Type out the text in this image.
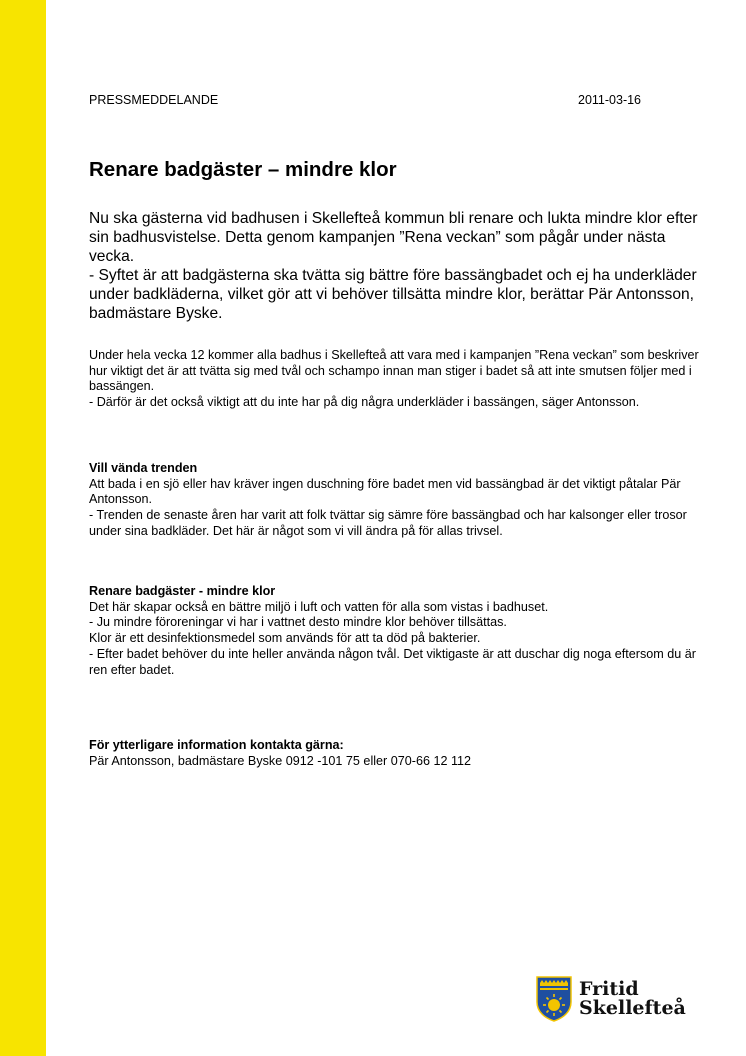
PRESSMEDDELANDE	2011-03-16
Renare badgäster – mindre klor

Nu ska gästerna vid badhusen i Skellefteå kommun bli renare och lukta mindre klor efter sin badhusvistelse. Detta genom kampanjen ”Rena veckan” som pågår under nästa vecka.

- Syftet är att badgästerna ska tvätta sig bättre före bassängbadet och ej ha underkläder under badkläderna, vilket gör att vi behöver tillsätta mindre klor, berättar Pär Antonsson, badmästare Byske.

Under hela vecka 12 kommer alla badhus i Skellefteå att vara med i kampanjen ”Rena veckan” som beskriver hur viktigt det är att tvätta sig med tvål och schampo innan man stiger i badet så att inte smutsen följer med i bassängen.

- Därför är det också viktigt att du inte har på dig några underkläder i bassängen, säger Antonsson.

Vill vända trenden

Att bada i en sjö eller hav kräver ingen duschning före badet men vid bassängbad är det viktigt påtalar Pär Antonsson.

- Trenden de senaste åren har varit att folk tvättar sig sämre före bassängbad och har kalsonger eller trosor under sina badkläder. Det här är något som vi vill ändra på för allas trivsel.

Renare badgäster - mindre klor

Det här skapar också en bättre miljö i luft och vatten för alla som vistas i badhuset.

- Ju mindre föroreningar vi har i vattnet desto mindre klor behöver tillsättas.

Klor är ett desinfektionsmedel som används för att ta död på bakterier.

- Efter badet behöver du inte heller använda någon tvål. Det viktigaste är att duschar dig noga eftersom du är ren efter badet.

För ytterligare information kontakta gärna:

Pär Antonsson, badmästare Byske 0912 -101 75 eller 070-66 12 112

Fritid
Skellefteå
